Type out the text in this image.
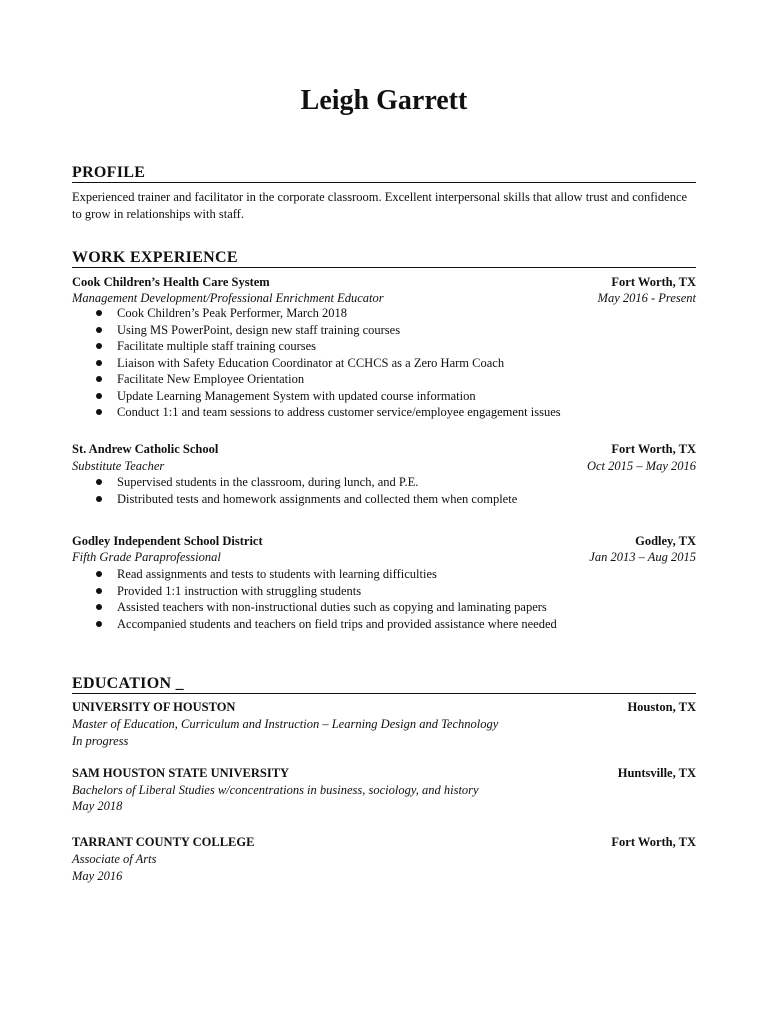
Leigh Garrett
PROFILE
Experienced trainer and facilitator in the corporate classroom. Excellent interpersonal skills that allow trust and confidence to grow in relationships with staff.
WORK EXPERIENCE
Cook Children’s Health Care System	Fort Worth, TX
Management Development/Professional Enrichment Educator	May 2016 - Present
Cook Children’s Peak Performer, March 2018
Using MS PowerPoint, design new staff training courses
Facilitate multiple staff training courses
Liaison with Safety Education Coordinator at CCHCS as a Zero Harm Coach
Facilitate New Employee Orientation
Update Learning Management System with updated course information
Conduct 1:1 and team sessions to address customer service/employee engagement issues
St. Andrew Catholic School	Fort Worth, TX
Substitute Teacher	Oct 2015 – May 2016
Supervised students in the classroom, during lunch, and P.E.
Distributed tests and homework assignments and collected them when complete
Godley Independent School District	Godley, TX
Fifth Grade Paraprofessional	Jan 2013 – Aug 2015
Read assignments and tests to students with learning difficulties
Provided 1:1 instruction with struggling students
Assisted teachers with non-instructional duties such as copying and laminating papers
Accompanied students and teachers on field trips and provided assistance where needed
EDUCATION _
UNIVERSITY OF HOUSTON	Houston, TX
Master of Education, Curriculum and Instruction – Learning Design and Technology
In progress
SAM HOUSTON STATE UNIVERSITY	Huntsville, TX
Bachelors of Liberal Studies w/concentrations in business, sociology, and history
May 2018
TARRANT COUNTY COLLEGE	Fort Worth, TX
Associate of Arts
May 2016
